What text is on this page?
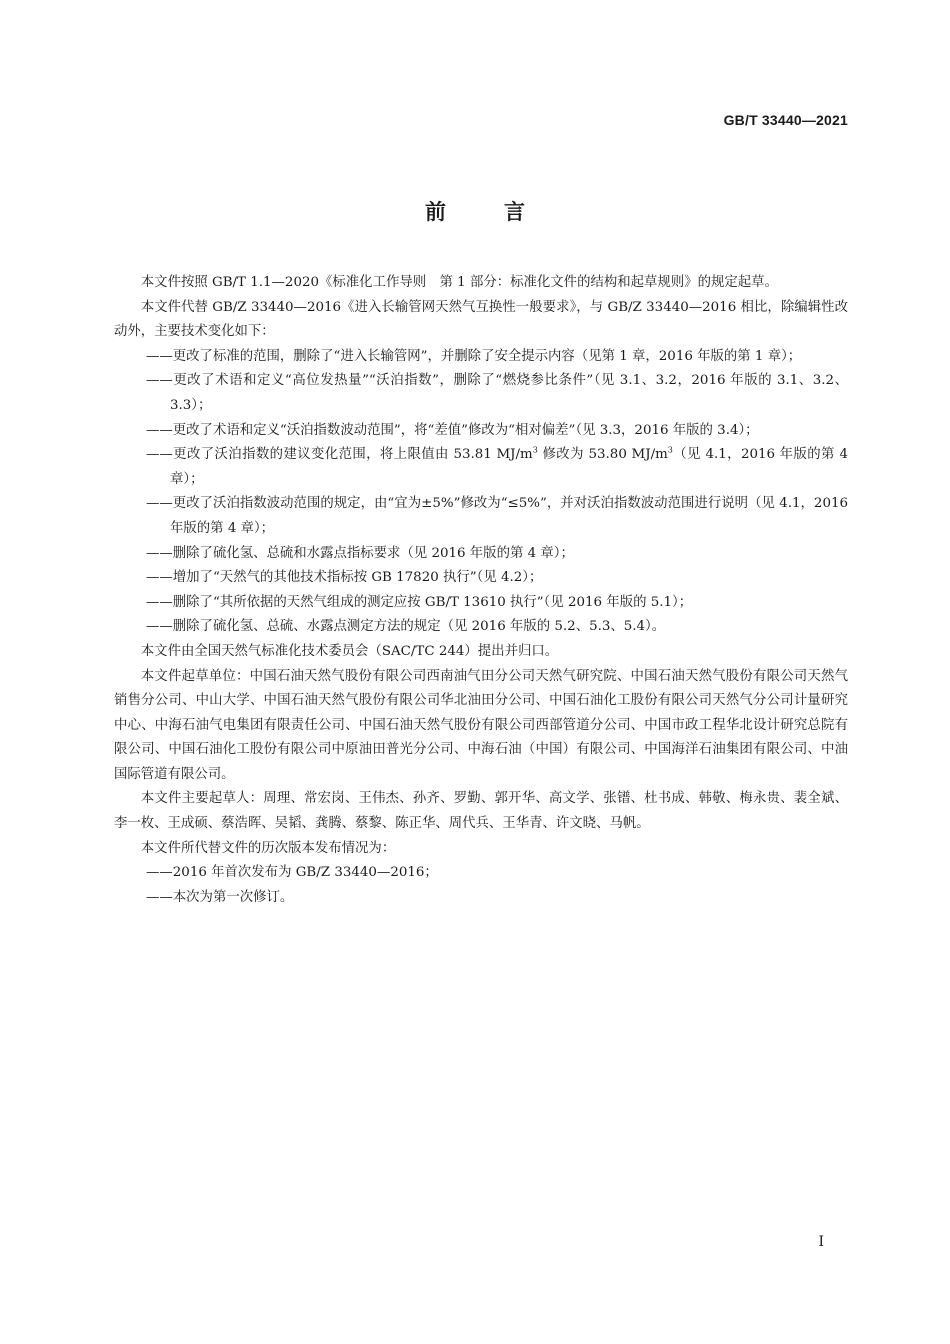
GB/T 33440—2021
前言

本文件按照 GB/T 1.1—2020《标准化工作导则　第 1 部分：标准化文件的结构和起草规则》的规定起草。

本文件代替 GB/Z 33440—2016《进入长输管网天然气互换性一般要求》，与 GB/Z 33440—2016 相比，除编辑性改动外，主要技术变化如下：

——更改了标准的范围，删除了“进入长输管网”，并删除了安全提示内容（见第 1 章，2016 年版的第 1 章）；

——更改了术语和定义“高位发热量”“沃泊指数”，删除了“燃烧参比条件”（见 3.1、3.2，2016 年版的 3.1、3.2、3.3）；

——更改了术语和定义“沃泊指数波动范围”，将“差值”修改为“相对偏差”（见 3.3，2016 年版的 3.4）；

——更改了沃泊指数的建议变化范围，将上限值由 53.81 $MJ/m^3$ 修改为 53.80 $MJ/m^3$（见 4.1，2016 年版的第 4 章）；

——更改了沃泊指数波动范围的规定，由“宜为±5%”修改为“≤5%”，并对沃泊指数波动范围进行说明（见 4.1，2016 年版的第 4 章）；

——删除了硫化氢、总硫和水露点指标要求（见 2016 年版的第 4 章）；

——增加了“天然气的其他技术指标按 GB 17820 执行”（见 4.2）；

——删除了“其所依据的天然气组成的测定应按 GB/T 13610 执行”（见 2016 年版的 5.1）；

——删除了硫化氢、总硫、水露点测定方法的规定（见 2016 年版的 5.2、5.3、5.4）。

本文件由全国天然气标准化技术委员会（SAC/TC 244）提出并归口。

本文件起草单位：中国石油天然气股份有限公司西南油气田分公司天然气研究院、中国石油天然气股份有限公司天然气销售分公司、中山大学、中国石油天然气股份有限公司华北油田分公司、中国石油化工股份有限公司天然气分公司计量研究中心、中海石油气电集团有限责任公司、中国石油天然气股份有限公司西部管道分公司、中国市政工程华北设计研究总院有限公司、中国石油化工股份有限公司中原油田普光分公司、中海石油（中国）有限公司、中国海洋石油集团有限公司、中油国际管道有限公司。

本文件主要起草人：周理、常宏岗、王伟杰、孙齐、罗勤、郭开华、高文学、张镨、杜书成、韩敬、梅永贵、裴全斌、李一枚、王成硕、蔡浩晖、吴韬、龚腾、蔡黎、陈正华、周代兵、王华青、许文晓、马帆。

本文件所代替文件的历次版本发布情况为：

——2016 年首次发布为 GB/Z 33440—2016；

——本次为第一次修订。

I
